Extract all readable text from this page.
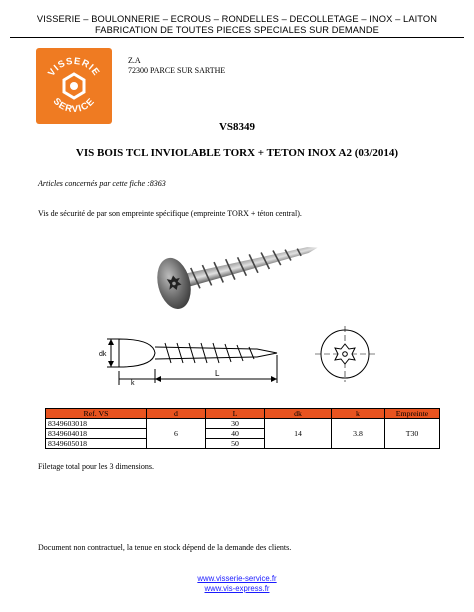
VISSERIE – BOULONNERIE – ECROUS – RONDELLES – DECOLLETAGE – INOX – LAITON
FABRICATION DE TOUTES PIECES SPECIALES SUR DEMANDE
VISSERIE
SERVICE
Z.A
72300 PARCE SUR SARTHE
VS8349
VIS BOIS TCL INVIOLABLE TORX + TETON INOX A2 (03/2014)
Articles concernés par cette fiche :8363
Vis de sécurité de par son empreinte spécifique (empreinte TORX + téton central).
dk
k
L
Ref. VS	d	L	dk	k	Empreinte
8349603018	6	30	14	3.8	T30
8349604018		40			
8349605018		50			
Filetage total pour les 3 dimensions.
Document non contractuel, la tenue en stock dépend de la demande des clients.
www.visserie-service.fr
www.vis-express.fr
